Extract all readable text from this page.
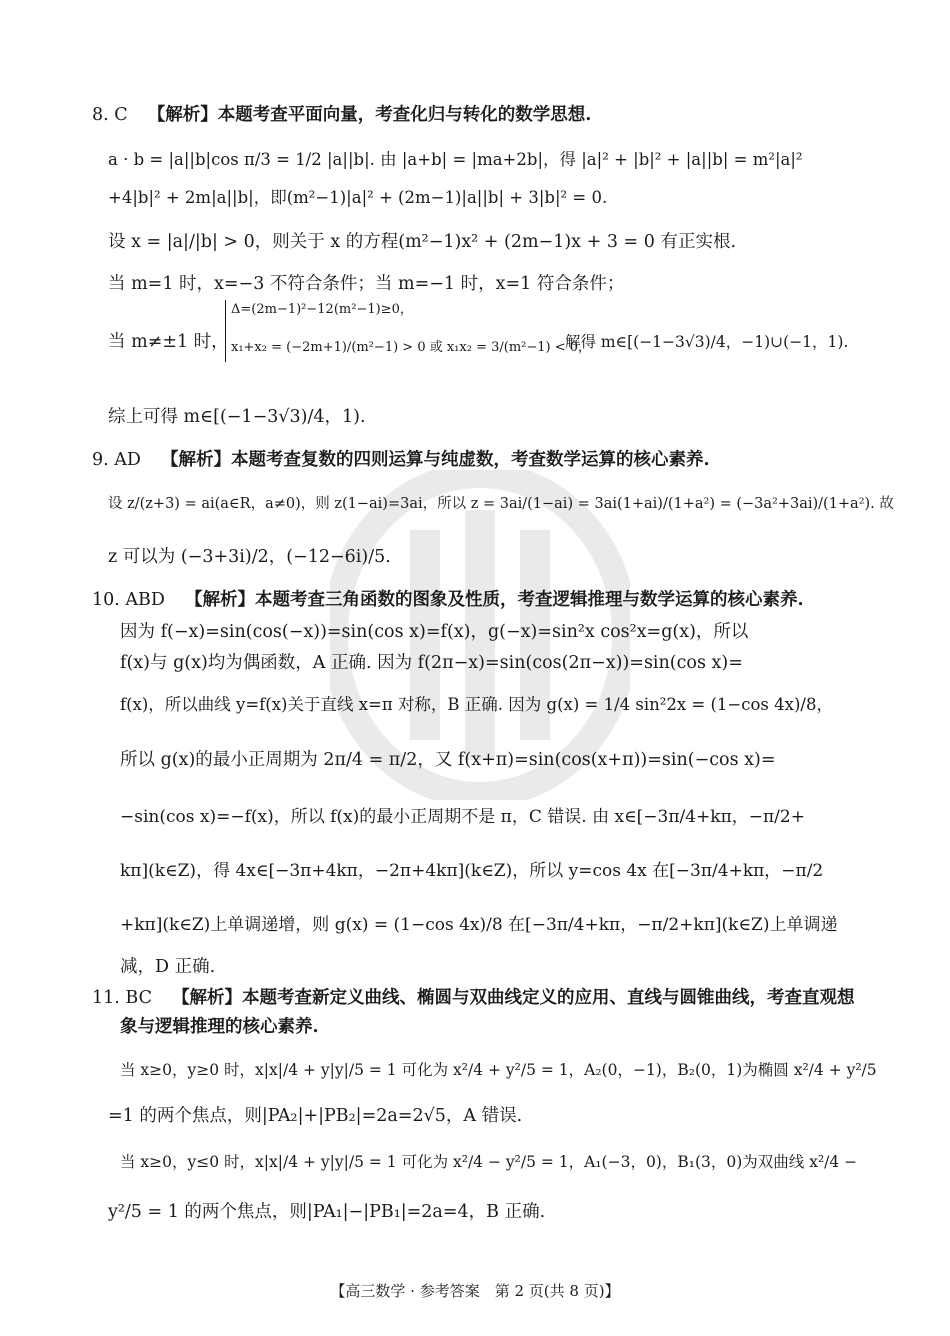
8. C 【解析】本题考查平面向量，考查化归与转化的数学思想.
a · b = |a||b|cos π/3 = 1/2 |a||b|. 由 |a+b| = |ma+2b|，得 |a|² + |b|² + |a||b| = m²|a|²
+4|b|² + 2m|a||b|，即(m²−1)|a|² + (2m−1)|a||b| + 3|b|² = 0.
设 x = |a|/|b| > 0，则关于 x 的方程(m²−1)x² + (2m−1)x + 3 = 0 有正实根.
当 m=1 时，x=−3 不符合条件；当 m=−1 时，x=1 符合条件；
当 m≠±1 时，
Δ=(2m−1)²−12(m²−1)≥0，
x₁+x₂ = (−2m+1)/(m²−1) > 0 或 x₁x₂ = 3/(m²−1) < 0，
解得 m∈[(−1−3√3)/4，−1)∪(−1，1).
综上可得 m∈[(−1−3√3)/4，1).
9. AD 【解析】本题考查复数的四则运算与纯虚数，考查数学运算的核心素养.
设 z/(z+3) = ai(a∈R，a≠0)，则 z(1−ai)=3ai，所以 z = 3ai/(1−ai) = 3ai(1+ai)/(1+a²) = (−3a²+3ai)/(1+a²). 故
z 可以为 (−3+3i)/2，(−12−6i)/5.
10. ABD 【解析】本题考查三角函数的图象及性质，考查逻辑推理与数学运算的核心素养.
因为 f(−x)=sin(cos(−x))=sin(cos x)=f(x)，g(−x)=sin²x cos²x=g(x)，所以
f(x)与 g(x)均为偶函数，A 正确. 因为 f(2π−x)=sin(cos(2π−x))=sin(cos x)=
f(x)，所以曲线 y=f(x)关于直线 x=π 对称，B 正确. 因为 g(x) = 1/4 sin²2x = (1−cos 4x)/8，
所以 g(x)的最小正周期为 2π/4 = π/2，又 f(x+π)=sin(cos(x+π))=sin(−cos x)=
−sin(cos x)=−f(x)，所以 f(x)的最小正周期不是 π，C 错误. 由 x∈[−3π/4+kπ，−π/2+
kπ](k∈Z)，得 4x∈[−3π+4kπ，−2π+4kπ](k∈Z)，所以 y=cos 4x 在[−3π/4+kπ，−π/2
+kπ](k∈Z)上单调递增，则 g(x) = (1−cos 4x)/8 在[−3π/4+kπ，−π/2+kπ](k∈Z)上单调递
减，D 正确.
11. BC 【解析】本题考查新定义曲线、椭圆与双曲线定义的应用、直线与圆锥曲线，考查直观想
象与逻辑推理的核心素养.
当 x≥0，y≥0 时，x|x|/4 + y|y|/5 = 1 可化为 x²/4 + y²/5 = 1，A₂(0，−1)，B₂(0，1)为椭圆 x²/4 + y²/5
=1 的两个焦点，则|PA₂|+|PB₂|=2a=2√5，A 错误.
当 x≥0，y≤0 时，x|x|/4 + y|y|/5 = 1 可化为 x²/4 − y²/5 = 1，A₁(−3，0)，B₁(3，0)为双曲线 x²/4 −
y²/5 = 1 的两个焦点，则|PA₁|−|PB₁|=2a=4，B 正确.
【高三数学 · 参考答案　第 2 页(共 8 页)】
